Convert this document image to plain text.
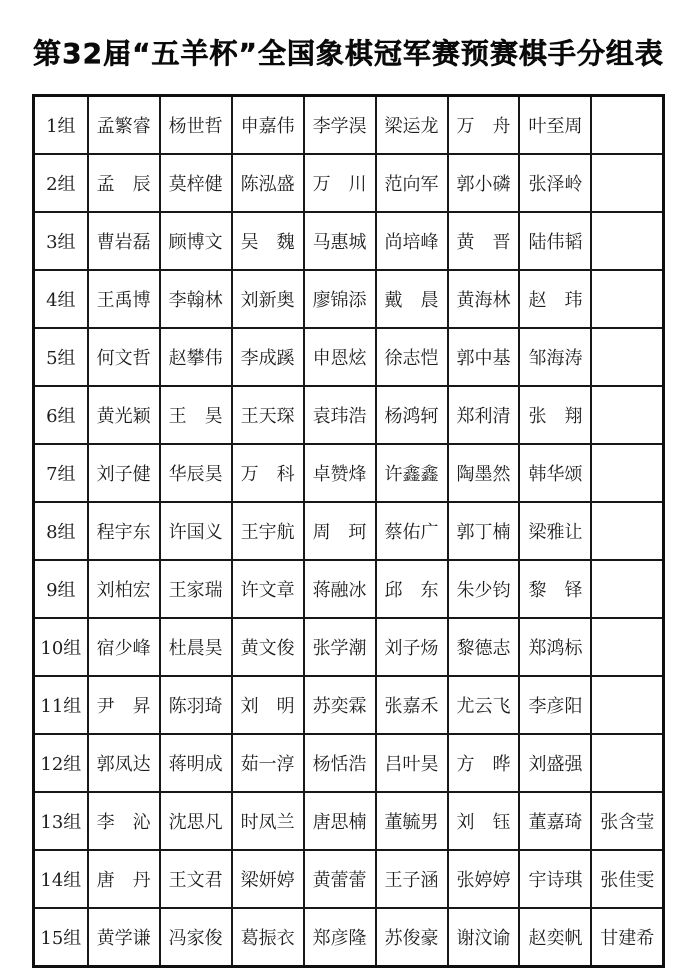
第32届“五羊杯”全国象棋冠军赛预赛棋手分组表
1组	孟繁睿	杨世哲	申嘉伟	李学淏	梁运龙	万　舟	叶至周	
2组	孟　辰	莫梓健	陈泓盛	万　川	范向军	郭小磷	张泽岭	
3组	曹岩磊	顾博文	吴　魏	马惠城	尚培峰	黄　晋	陆伟韬	
4组	王禹博	李翰林	刘新奥	廖锦添	戴　晨	黄海林	赵　玮	
5组	何文哲	赵攀伟	李成蹊	申恩炫	徐志恺	郭中基	邹海涛	
6组	黄光颖	王　昊	王天琛	袁玮浩	杨鸿轲	郑利清	张　翔	
7组	刘子健	华辰昊	万　科	卓赞烽	许鑫鑫	陶墨然	韩华颂	
8组	程宇东	许国义	王宇航	周　珂	蔡佑广	郭丁楠	梁雅让	
9组	刘柏宏	王家瑞	许文章	蒋融冰	邱　东	朱少钧	黎　铎	
10组	宿少峰	杜晨昊	黄文俊	张学潮	刘子炀	黎德志	郑鸿标	
11组	尹　昇	陈羽琦	刘　明	苏奕霖	张嘉禾	尤云飞	李彦阳	
12组	郭凤达	蒋明成	茹一淳	杨恬浩	吕叶昊	方　晔	刘盛强	
13组	李　沁	沈思凡	时凤兰	唐思楠	董毓男	刘　钰	董嘉琦	张含莹
14组	唐　丹	王文君	梁妍婷	黄蕾蕾	王子涵	张婷婷	宇诗琪	张佳雯
15组	黄学谦	冯家俊	葛振衣	郑彦隆	苏俊豪	谢汶谕	赵奕帆	甘建希
